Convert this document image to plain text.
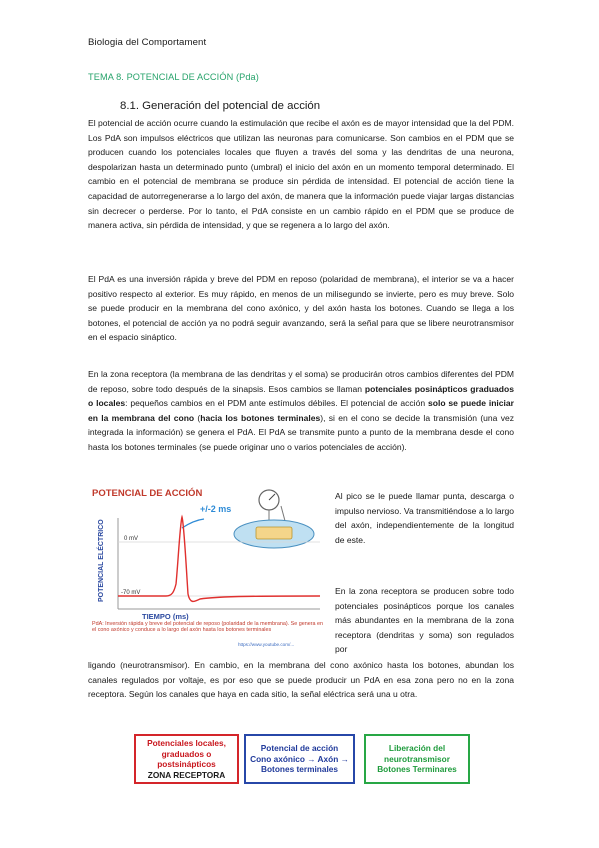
Biologia del Comportament
TEMA 8. POTENCIAL DE ACCIÓN (Pda)
8.1. Generación del potencial de acción

El potencial de acción ocurre cuando la estimulación que recibe el axón es de mayor intensidad que la del PDM. Los PdA son impulsos eléctricos que utilizan las neuronas para comunicarse. Son cambios en el PDM que se producen cuando los potenciales locales que fluyen a través del soma y las dendritas de una neurona, despolarizan hasta un determinado punto (umbral) el inicio del axón en un momento temporal determinado. El cambio en el potencial de membrana se produce sin pérdida de intensidad. El potencial de acción tiene la capacidad de autorregenerarse a lo largo del axón, de manera que la información puede viajar largas distancias sin decrecer o perderse. Por lo tanto, el PdA consiste en un cambio rápido en el PDM que se produce de manera activa, sin pérdida de intensidad, y que se regenera a lo largo del axón.

El PdA es una inversión rápida y breve del PDM en reposo (polaridad de membrana), el interior se va a hacer positivo respecto al exterior. Es muy rápido, en menos de un milisegundo se invierte, pero es muy breve. Solo se puede producir en la membrana del cono axónico, y del axón hasta los botones. Cuando se llega a los botones, el potencial de acción ya no podrá seguir avanzando, será la señal para que se libere neurotransmisor en el espacio sináptico.

En la zona receptora (la membrana de las dendritas y el soma) se producirán otros cambios diferentes del PDM de reposo, sobre todo después de la sinapsis. Esos cambios se llaman potenciales posinápticos graduados o locales: pequeños cambios en el PDM ante estímulos débiles. El potencial de acción solo se puede iniciar en la membrana del cono (hacia los botones terminales), si en el cono se decide la transmisión (una vez integrada la información) se genera el PdA. El PdA se transmite punto a punto de la membrana desde el cono hasta los botones terminales (se puede originar uno o varios potenciales de acción).

POTENCIAL DE ACCIÓN
+/-2 ms
0 mV
-70 mV
POTENCIAL ELÉCTRICO
TIEMPO (ms)
PdA: Inversión rápida y breve del potencial de reposo (polaridad de la membrana). Se genera en el cono axónico y conduce a lo largo del axón hasta los botones terminales
https://www.youtube.com/...

Al pico se le puede llamar punta, descarga o impulso nervioso. Va transmitiéndose a lo largo del axón, independientemente de la longitud de este.

En la zona receptora se producen sobre todo potenciales posinápticos porque los canales más abundantes en la membrana de la zona receptora (dendritas y soma) son regulados por

ligando (neurotransmisor). En cambio, en la membrana del cono axónico hasta los botones, abundan los canales regulados por voltaje, es por eso que se puede producir un PdA en esa zona pero no en la zona receptora. Según los canales que haya en cada sitio, la señal eléctrica será una u otra.

Potenciales locales,
graduados o
postsinápticos
ZONA RECEPTORA
Potencial de acción
Cono axónico → Axón →
Botones terminales
Liberación del
neurotransmisor
Botones Terminares
